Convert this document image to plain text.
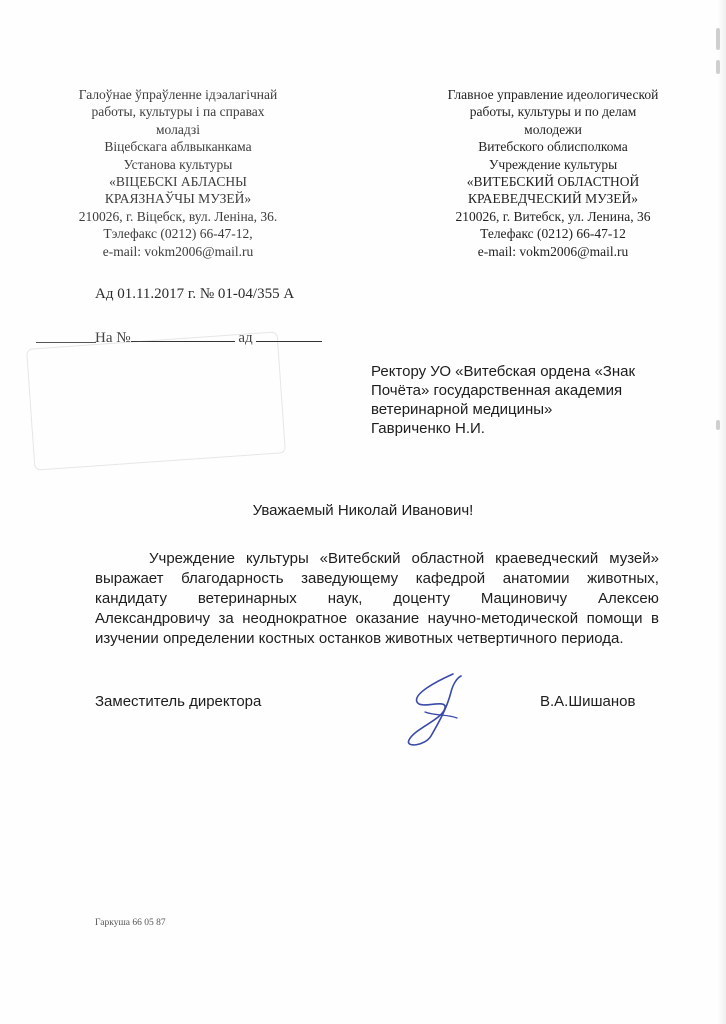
Галоўнае ўпраўленне ідэалагічнай
работы, культуры і па справах
моладзі
Віцебскага аблвыканкама
Установа культуры
«ВІЦЕБСКІ АБЛАСНЫ
КРАЯЗНАЎЧЫ МУЗЕЙ»
210026, г. Віцебск, вул. Леніна, 36.
Тэлефакс (0212) 66-47-12,
e-mail: vokm2006@mail.ru
Главное управление идеологической
работы, культуры и по делам
молодежи
Витебского облисполкома
Учреждение культуры
«ВИТЕБСКИЙ ОБЛАСТНОЙ
КРАЕВЕДЧЕСКИЙ МУЗЕЙ»
210026, г. Витебск, ул. Ленина, 36
Телефакс (0212) 66-47-12
e-mail: vokm2006@mail.ru
Ад 01.11.2017 г. № 01-04/355 А
На №	ад
Ректору УО «Витебская ордена «Знак
Почёта» государственная академия
ветеринарной медицины»
Гавриченко Н.И.
Уважаемый Николай Иванович!
Учреждение культуры «Витебский областной краеведческий музей»
выражает благодарность заведующему кафедрой анатомии животных,
кандидату ветеринарных наук, доценту Мациновичу Алексею
Александровичу за неоднократное оказание научно-методической помощи в
изучении определении костных останков животных четвертичного периода.
Заместитель директора	В.А.Шишанов
Гаркуша 66 05 87
